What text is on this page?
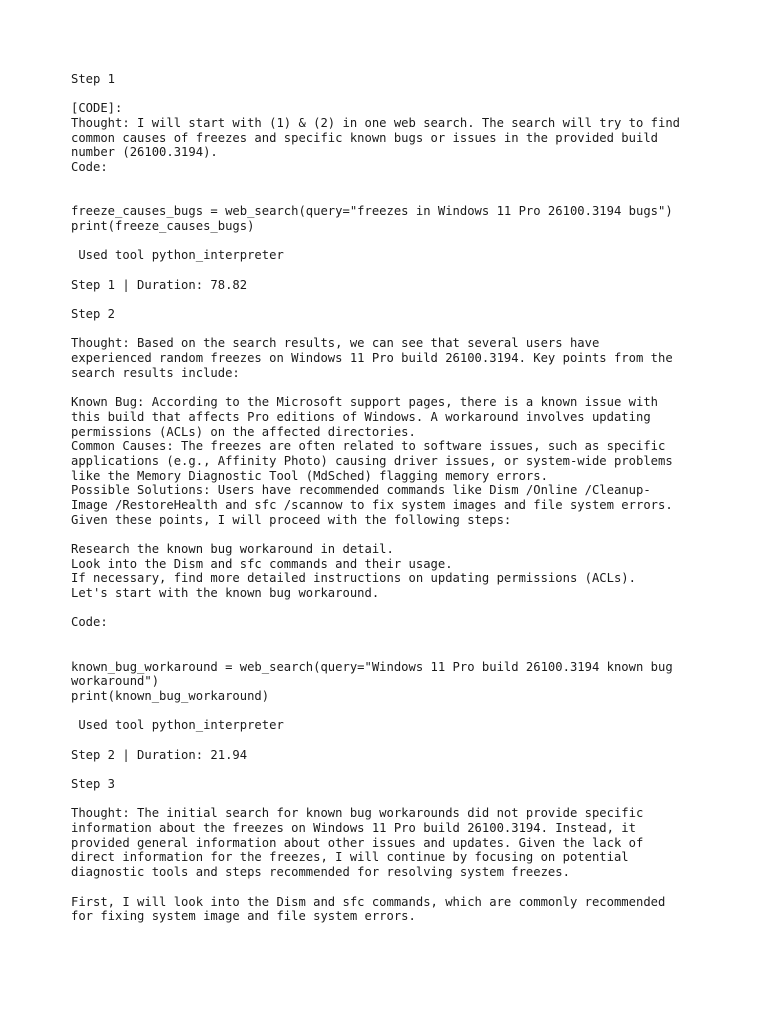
Step 1
[CODE]:
Thought: I will start with (1) & (2) in one web search. The search will try to find
common causes of freezes and specific known bugs or issues in the provided build
number (26100.3194).
Code:
freeze_causes_bugs = web_search(query="freezes in Windows 11 Pro 26100.3194 bugs")
print(freeze_causes_bugs)
Used tool python_interpreter
Step 1 | Duration: 78.82
Step 2
Thought: Based on the search results, we can see that several users have
experienced random freezes on Windows 11 Pro build 26100.3194. Key points from the
search results include:
Known Bug: According to the Microsoft support pages, there is a known issue with
this build that affects Pro editions of Windows. A workaround involves updating
permissions (ACLs) on the affected directories.
Common Causes: The freezes are often related to software issues, such as specific
applications (e.g., Affinity Photo) causing driver issues, or system-wide problems
like the Memory Diagnostic Tool (MdSched) flagging memory errors.
Possible Solutions: Users have recommended commands like Dism /Online /Cleanup-
Image /RestoreHealth and sfc /scannow to fix system images and file system errors.
Given these points, I will proceed with the following steps:
Research the known bug workaround in detail.
Look into the Dism and sfc commands and their usage.
If necessary, find more detailed instructions on updating permissions (ACLs).
Let's start with the known bug workaround.
Code:
known_bug_workaround = web_search(query="Windows 11 Pro build 26100.3194 known bug
workaround")
print(known_bug_workaround)
Used tool python_interpreter
Step 2 | Duration: 21.94
Step 3
Thought: The initial search for known bug workarounds did not provide specific
information about the freezes on Windows 11 Pro build 26100.3194. Instead, it
provided general information about other issues and updates. Given the lack of
direct information for the freezes, I will continue by focusing on potential
diagnostic tools and steps recommended for resolving system freezes.
First, I will look into the Dism and sfc commands, which are commonly recommended
for fixing system image and file system errors.
